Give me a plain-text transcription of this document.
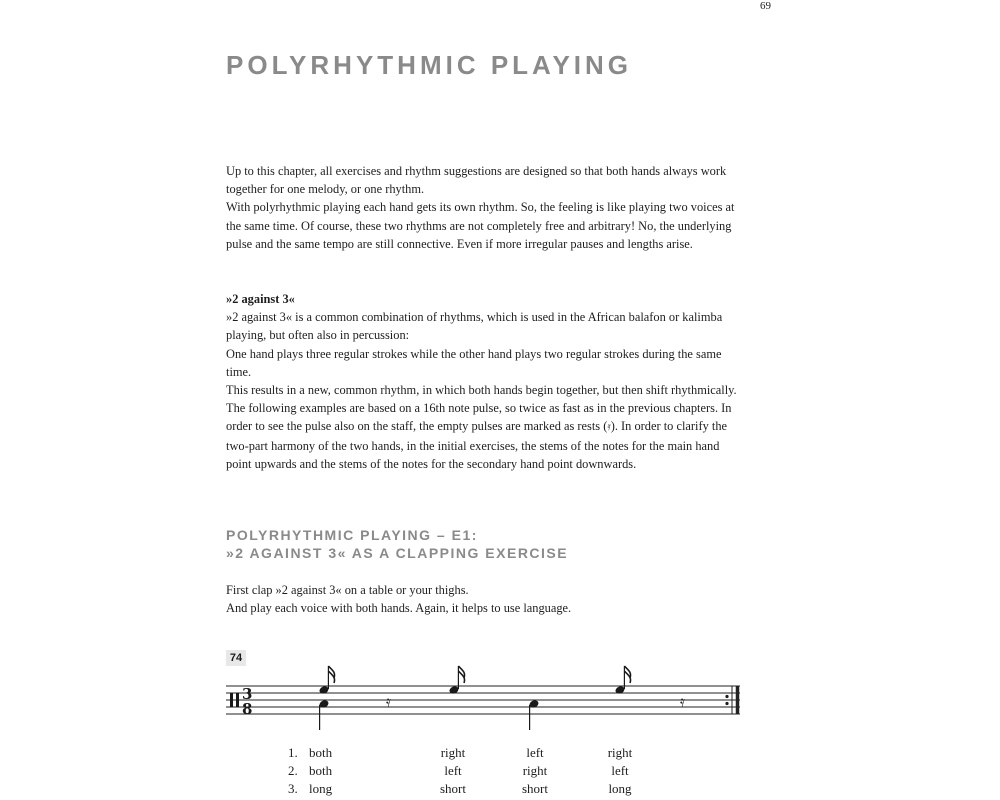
69
POLYRHYTHMIC PLAYING

Up to this chapter, all exercises and rhythm suggestions are designed so that both hands always work together for one melody, or one rhythm.

With polyrhythmic playing each hand gets its own rhythm. So, the feeling is like playing two voices at the same time. Of course, these two rhythms are not completely free and arbitrary! No, the underlying pulse and the same tempo are still connective. Even if more irregular pauses and lengths arise.

»2 against 3«

»2 against 3« is a common combination of rhythms, which is used in the African balafon or kalimba playing, but often also in percussion:

One hand plays three regular strokes while the other hand plays two regular strokes during the same time.

This results in a new, common rhythm, in which both hands begin together, but then shift rhythmically.

The following examples are based on a 16th note pulse, so twice as fast as in the previous chapters. In order to see the pulse also on the staff, the empty pulses are marked as rests (𝄿). In order to clarify the two-part harmony of the two hands, in the initial exercises, the stems of the notes for the main hand point upwards and the stems of the notes for the secondary hand point downwards.

POLYRHYTHMIC PLAYING – E1:
»2 AGAINST 3« AS A CLAPPING EXERCISE

First clap »2 against 3« on a table or your thighs.

And play each voice with both hands. Again, it helps to use language.

74
3
8	𝄿	𝄿
1. both	right	left	right
2. both	left	right	left
3. long	short	short	long
